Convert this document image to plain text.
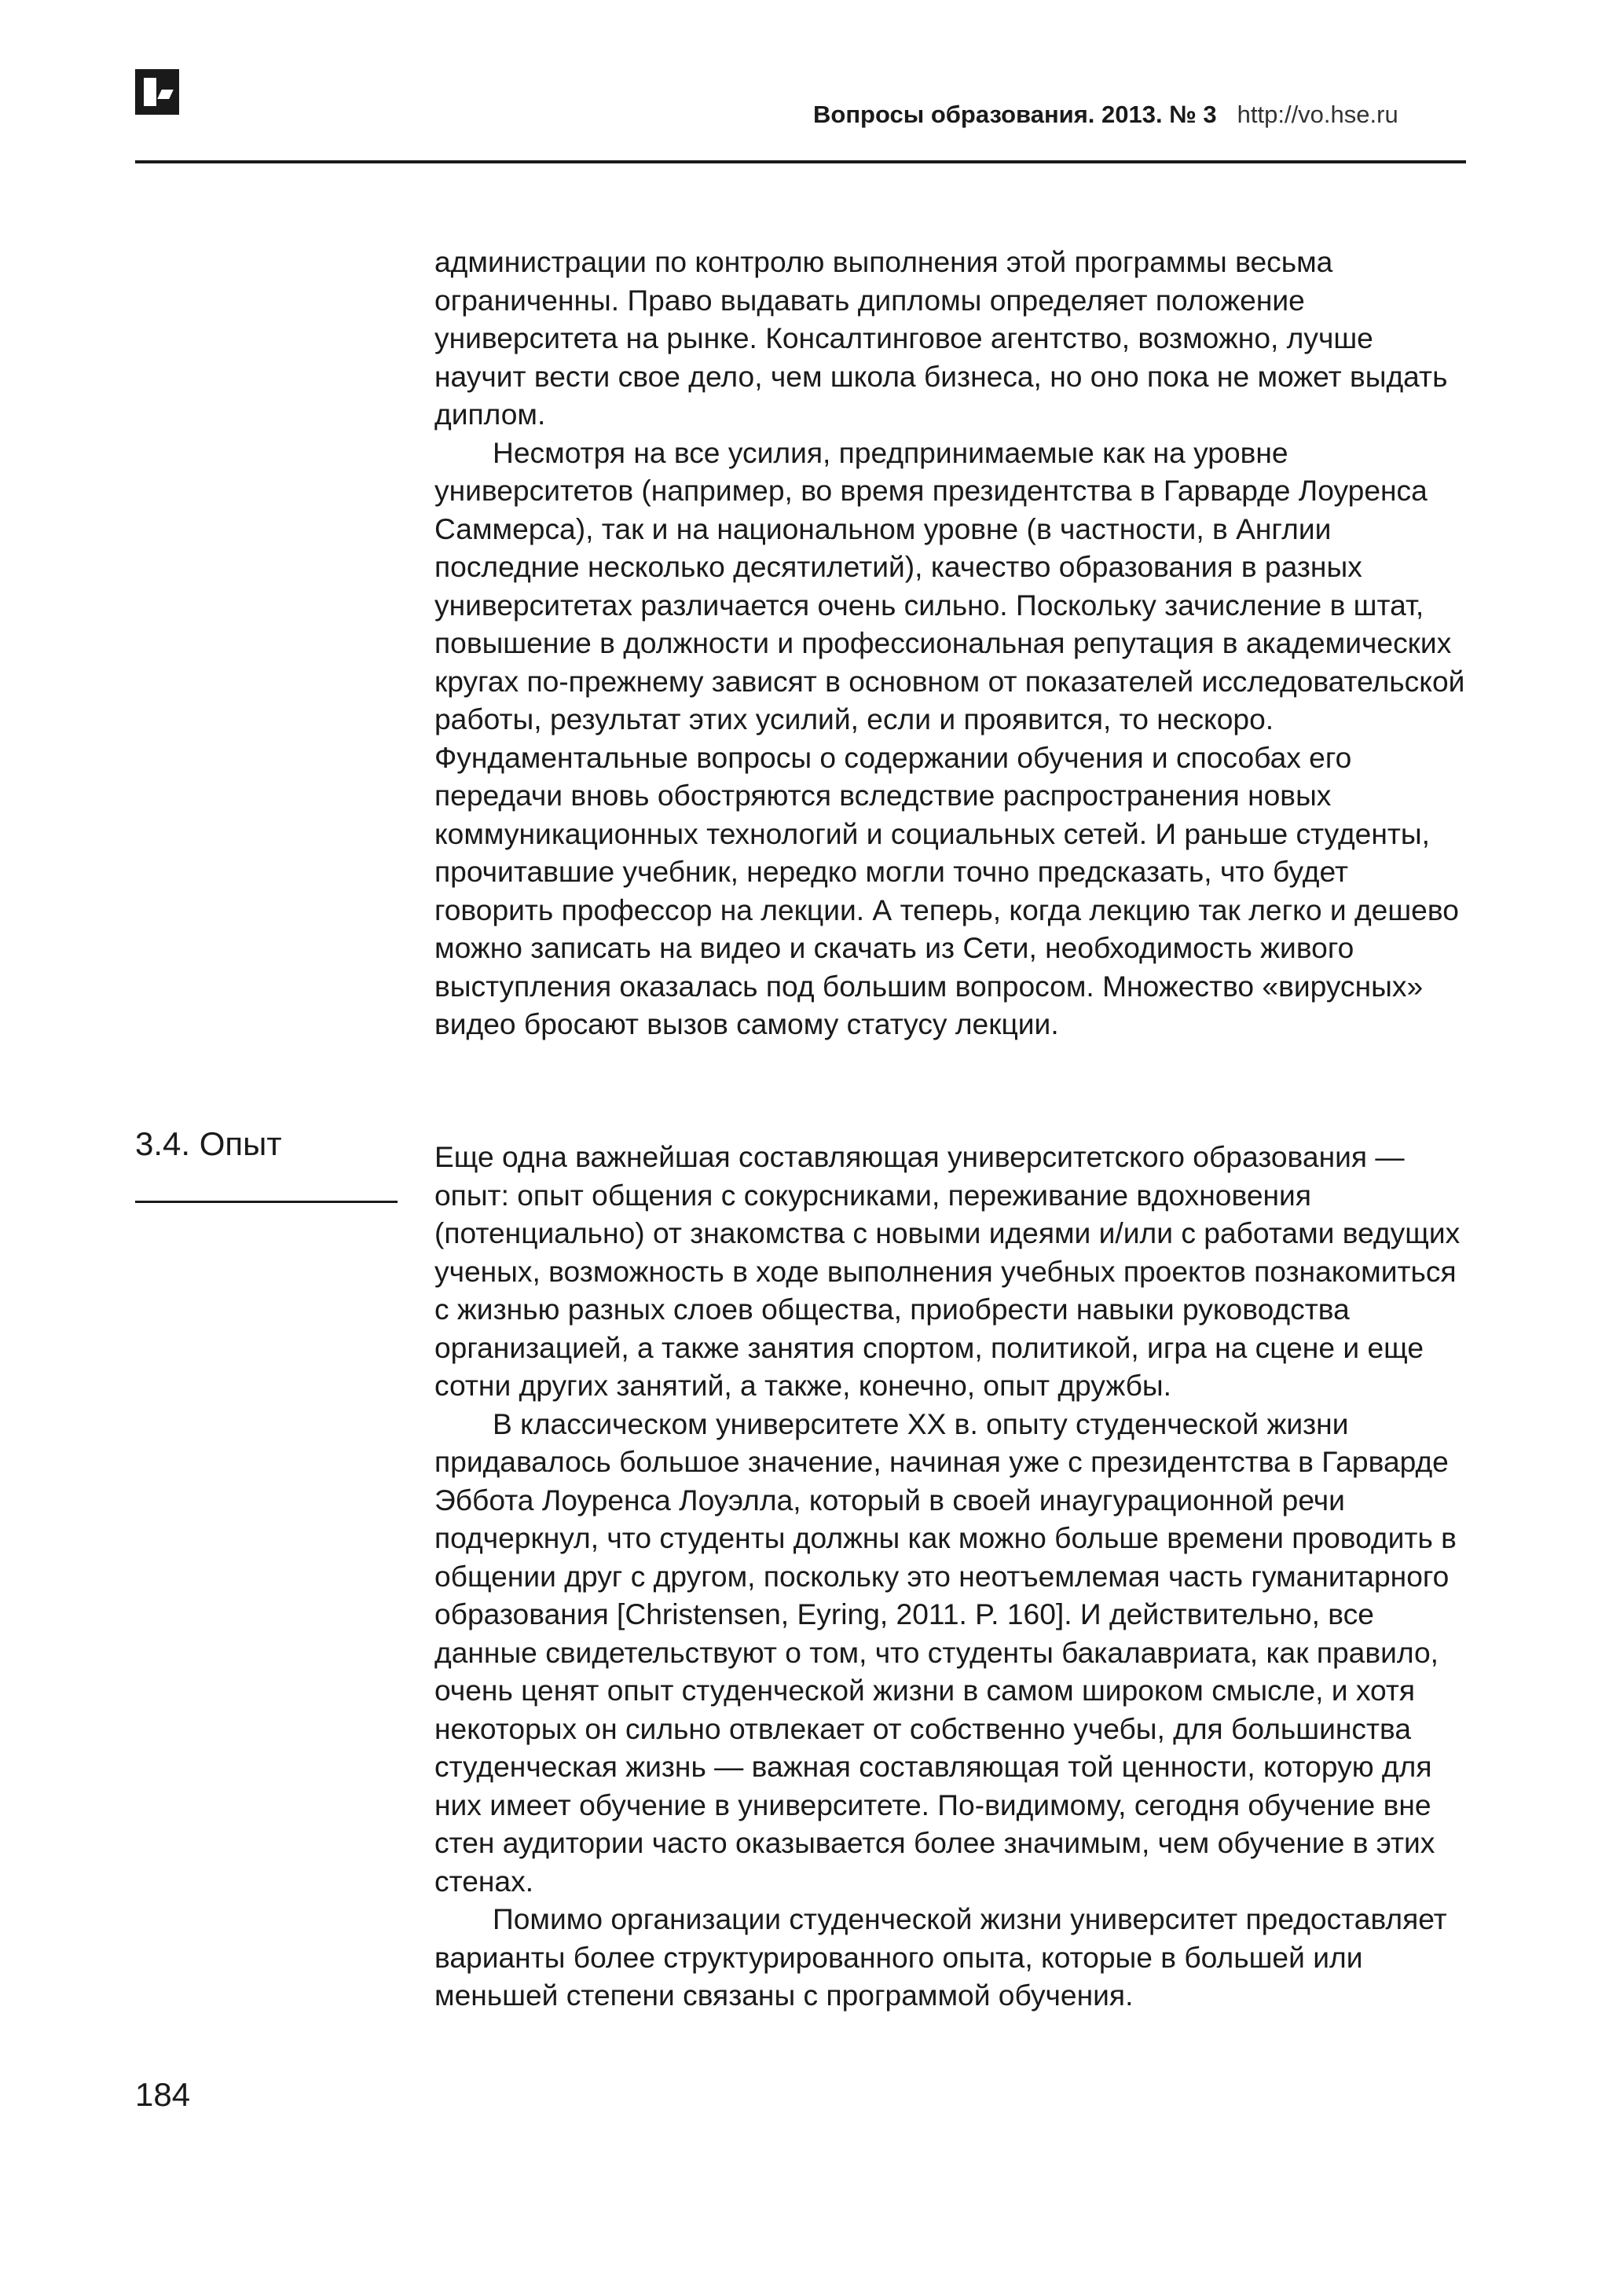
Вопросы образования. 2013. № 3 http://vo.hse.ru

администрации по контролю выполнения этой программы весьма ограниченны. Право выдавать дипломы определяет положение университета на рынке. Консалтинговое агентство, возможно, лучше научит вести свое дело, чем школа бизнеса, но оно пока не может выдать диплом.

Несмотря на все усилия, предпринимаемые как на уровне университетов (например, во время президентства в Гарварде Лоуренса Саммерса), так и на национальном уровне (в частности, в Англии последние несколько десятилетий), качество образования в разных университетах различается очень сильно. Поскольку зачисление в штат, повышение в должности и профессиональная репутация в академических кругах по-прежнему зависят в основном от показателей исследовательской работы, результат этих усилий, если и проявится, то нескоро. Фундаментальные вопросы о содержании обучения и способах его передачи вновь обостряются вследствие распространения новых коммуникационных технологий и социальных сетей. И раньше студенты, прочитавшие учебник, нередко могли точно предсказать, что будет говорить профессор на лекции. А теперь, когда лекцию так легко и дешево можно записать на видео и скачать из Сети, необходимость живого выступления оказалась под большим вопросом. Множество «вирусных» видео бросают вызов самому статусу лекции.

3.4. Опыт	Еще одна важнейшая составляющая университетского образования — опыт: опыт общения с сокурсниками, переживание вдохновения (потенциально) от знакомства с новыми идеями и/или с работами ведущих ученых, возможность в ходе выполнения учебных проектов познакомиться с жизнью разных слоев общества, приобрести навыки руководства организацией, а также занятия спортом, политикой, игра на сцене и еще сотни других занятий, а также, конечно, опыт дружбы.

В классическом университете XX в. опыту студенческой жизни придавалось большое значение, начиная уже с президентства в Гарварде Эббота Лоуренса Лоуэлла, который в своей инаугурационной речи подчеркнул, что студенты должны как можно больше времени проводить в общении друг с другом, поскольку это неотъемлемая часть гуманитарного образования [Christensen, Eyring, 2011. P. 160]. И действительно, все данные свидетельствуют о том, что студенты бакалавриата, как правило, очень ценят опыт студенческой жизни в самом широком смысле, и хотя некоторых он сильно отвлекает от собственно учебы, для большинства студенческая жизнь — важная составляющая той ценности, которую для них имеет обучение в университете. По-видимому, сегодня обучение вне стен аудитории часто оказывается более значимым, чем обучение в этих стенах.

Помимо организации студенческой жизни университет предоставляет варианты более структурированного опыта, которые в большей или меньшей степени связаны с программой обучения.

184
